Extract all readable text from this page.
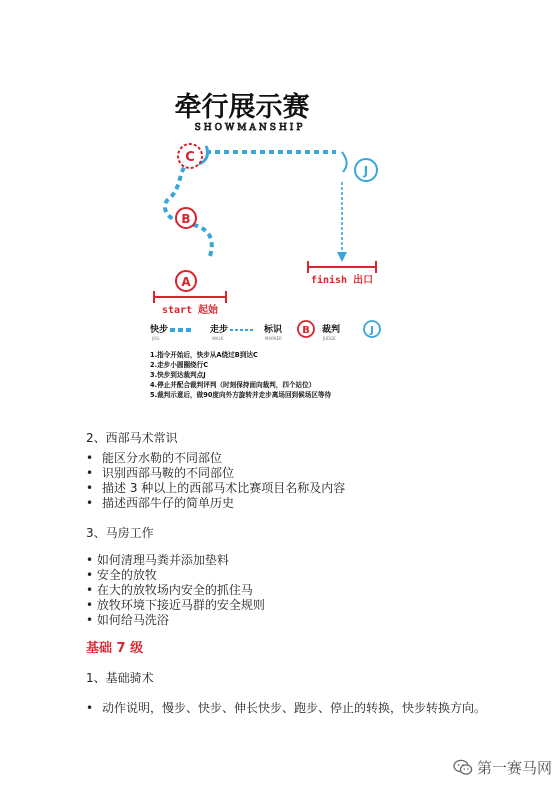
牵行展示赛
SHOWMANSHIP
C
B
A
J
start 起始
finish 出口
快步
JOG
走步
WALK
标识
MARKER
B 裁判
JUDGE
J
1.指令开始后，快步从A绕过B到达C
2.走步小圆圈绕行C
3.快步到达裁判点J
4.停止并配合裁判评判（时刻保持面向裁判，四个站位）
5.裁判示意后，做90度向外方旋转并走步离场回到候场区等待
2、西部马术常识
• 能区分水勒的不同部位
• 识别西部马鞍的不同部位
• 描述 3 种以上的西部马术比赛项目名称及内容
• 描述西部牛仔的简单历史
3、马房工作
• 如何清理马粪并添加垫料
• 安全的放牧
• 在大的放牧场内安全的抓住马
• 放牧环境下接近马群的安全规则
• 如何给马洗浴
基础 7 级
1、基础骑术
• 动作说明，慢步、快步、伸长快步、跑步、停止的转换，快步转换方向。
第一赛马网
